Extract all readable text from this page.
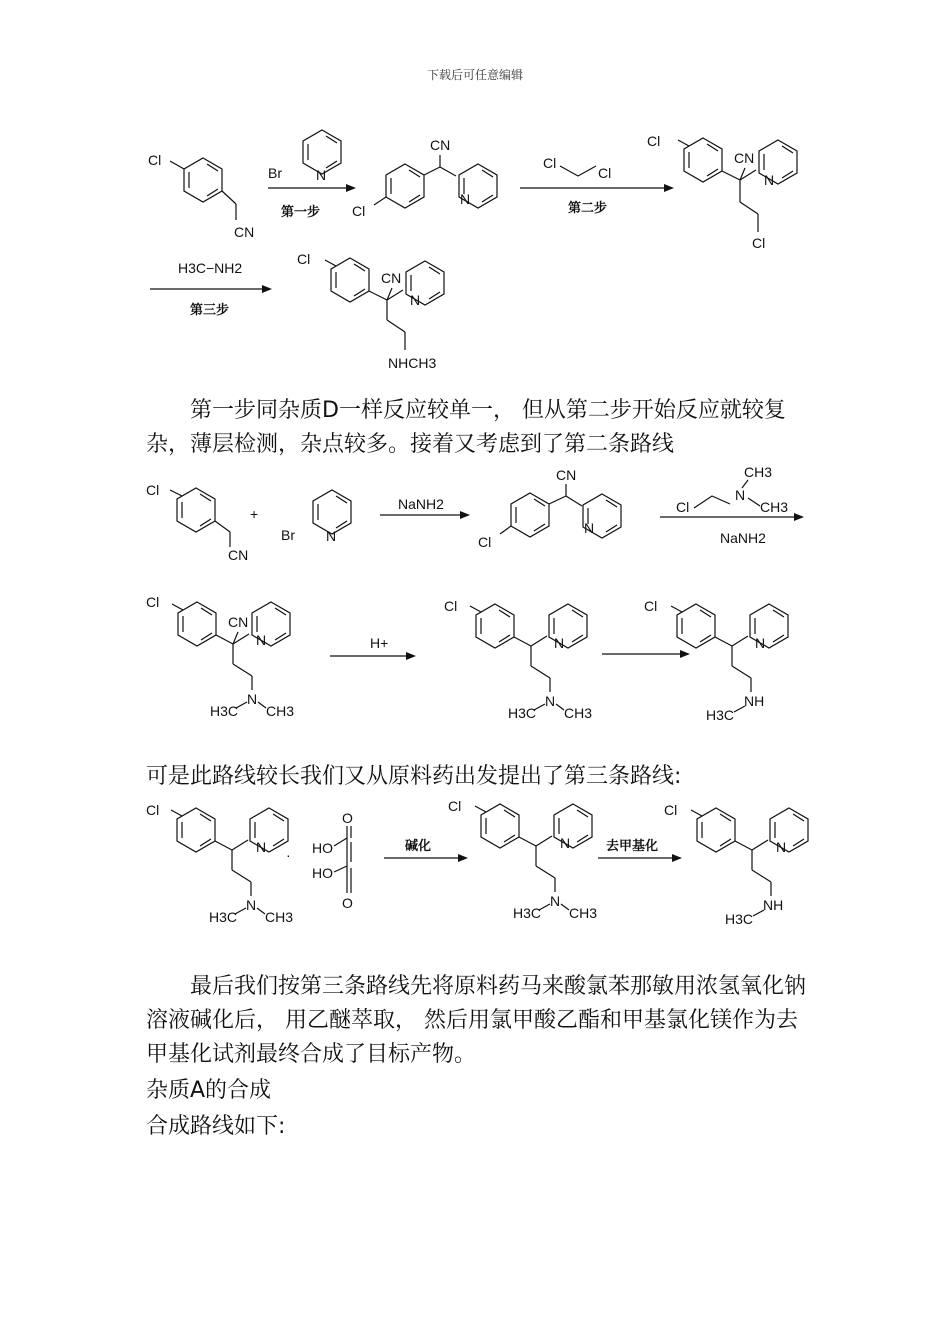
下载后可任意编辑
Cl
CN
Br N
第一步 Cl
CN
N
Cl
Cl
第二步
Cl
CN
N
Cl
H3C−NH2
第三步
Cl
CN
N
NHCH3
Cl
CN
+
Br N
NaNH2
Cl
CN
N
Cl
N
CH3
CH3
NaNH2
Cl
CN
N
N
H3C CH3
H+
Cl
N
N
H3C CH3
Cl
N
NH
H3C
Cl
N
N
H3C CH3
·
O
HO
HO
O
碱化
Cl
N
N
H3C CH3
去甲基化
Cl
N
NH
H3C
第一步同杂质D一样反应较单一， 但从第二步开始反应就较复杂，薄层检测，杂点较多。接着又考虑到了第二条路线
可是此路线较长我们又从原料药出发提出了第三条路线:
最后我们按第三条路线先将原料药马来酸氯苯那敏用浓氢氧化钠溶液碱化后， 用乙醚萃取， 然后用氯甲酸乙酯和甲基氯化镁作为去甲基化试剂最终合成了目标产物。
杂质A的合成
合成路线如下:
